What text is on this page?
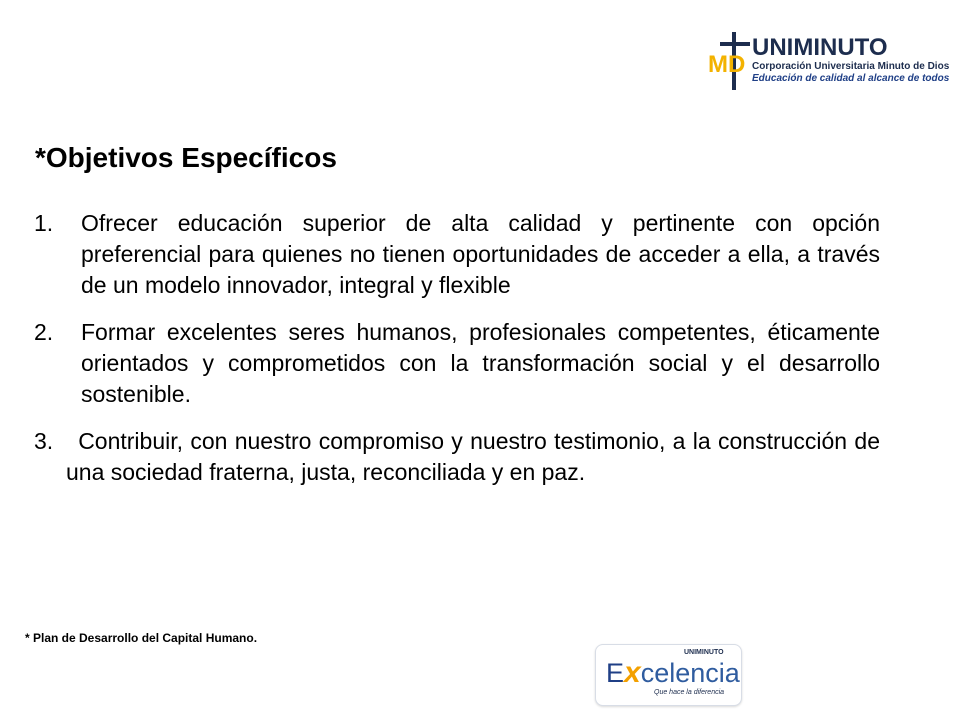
M D
UNIMINUTO
Corporación Universitaria Minuto de Dios
Educación de calidad al alcance de todos
*Objetivos Específicos

1. Ofrecer educación superior de alta calidad y pertinente con opción preferencial para quienes no tienen oportunidades de acceder a ella, a través de un modelo innovador, integral y flexible

2. Formar excelentes seres humanos, profesionales competentes, éticamente orientados y comprometidos con la transformación social y el desarrollo sostenible.

3. Contribuir, con nuestro compromiso y nuestro testimonio, a la construcción de una sociedad fraterna, justa, reconciliada y en paz.

* Plan de Desarrollo del Capital Humano.
UNIMINUTO
Excelencia
Que hace la diferencia
